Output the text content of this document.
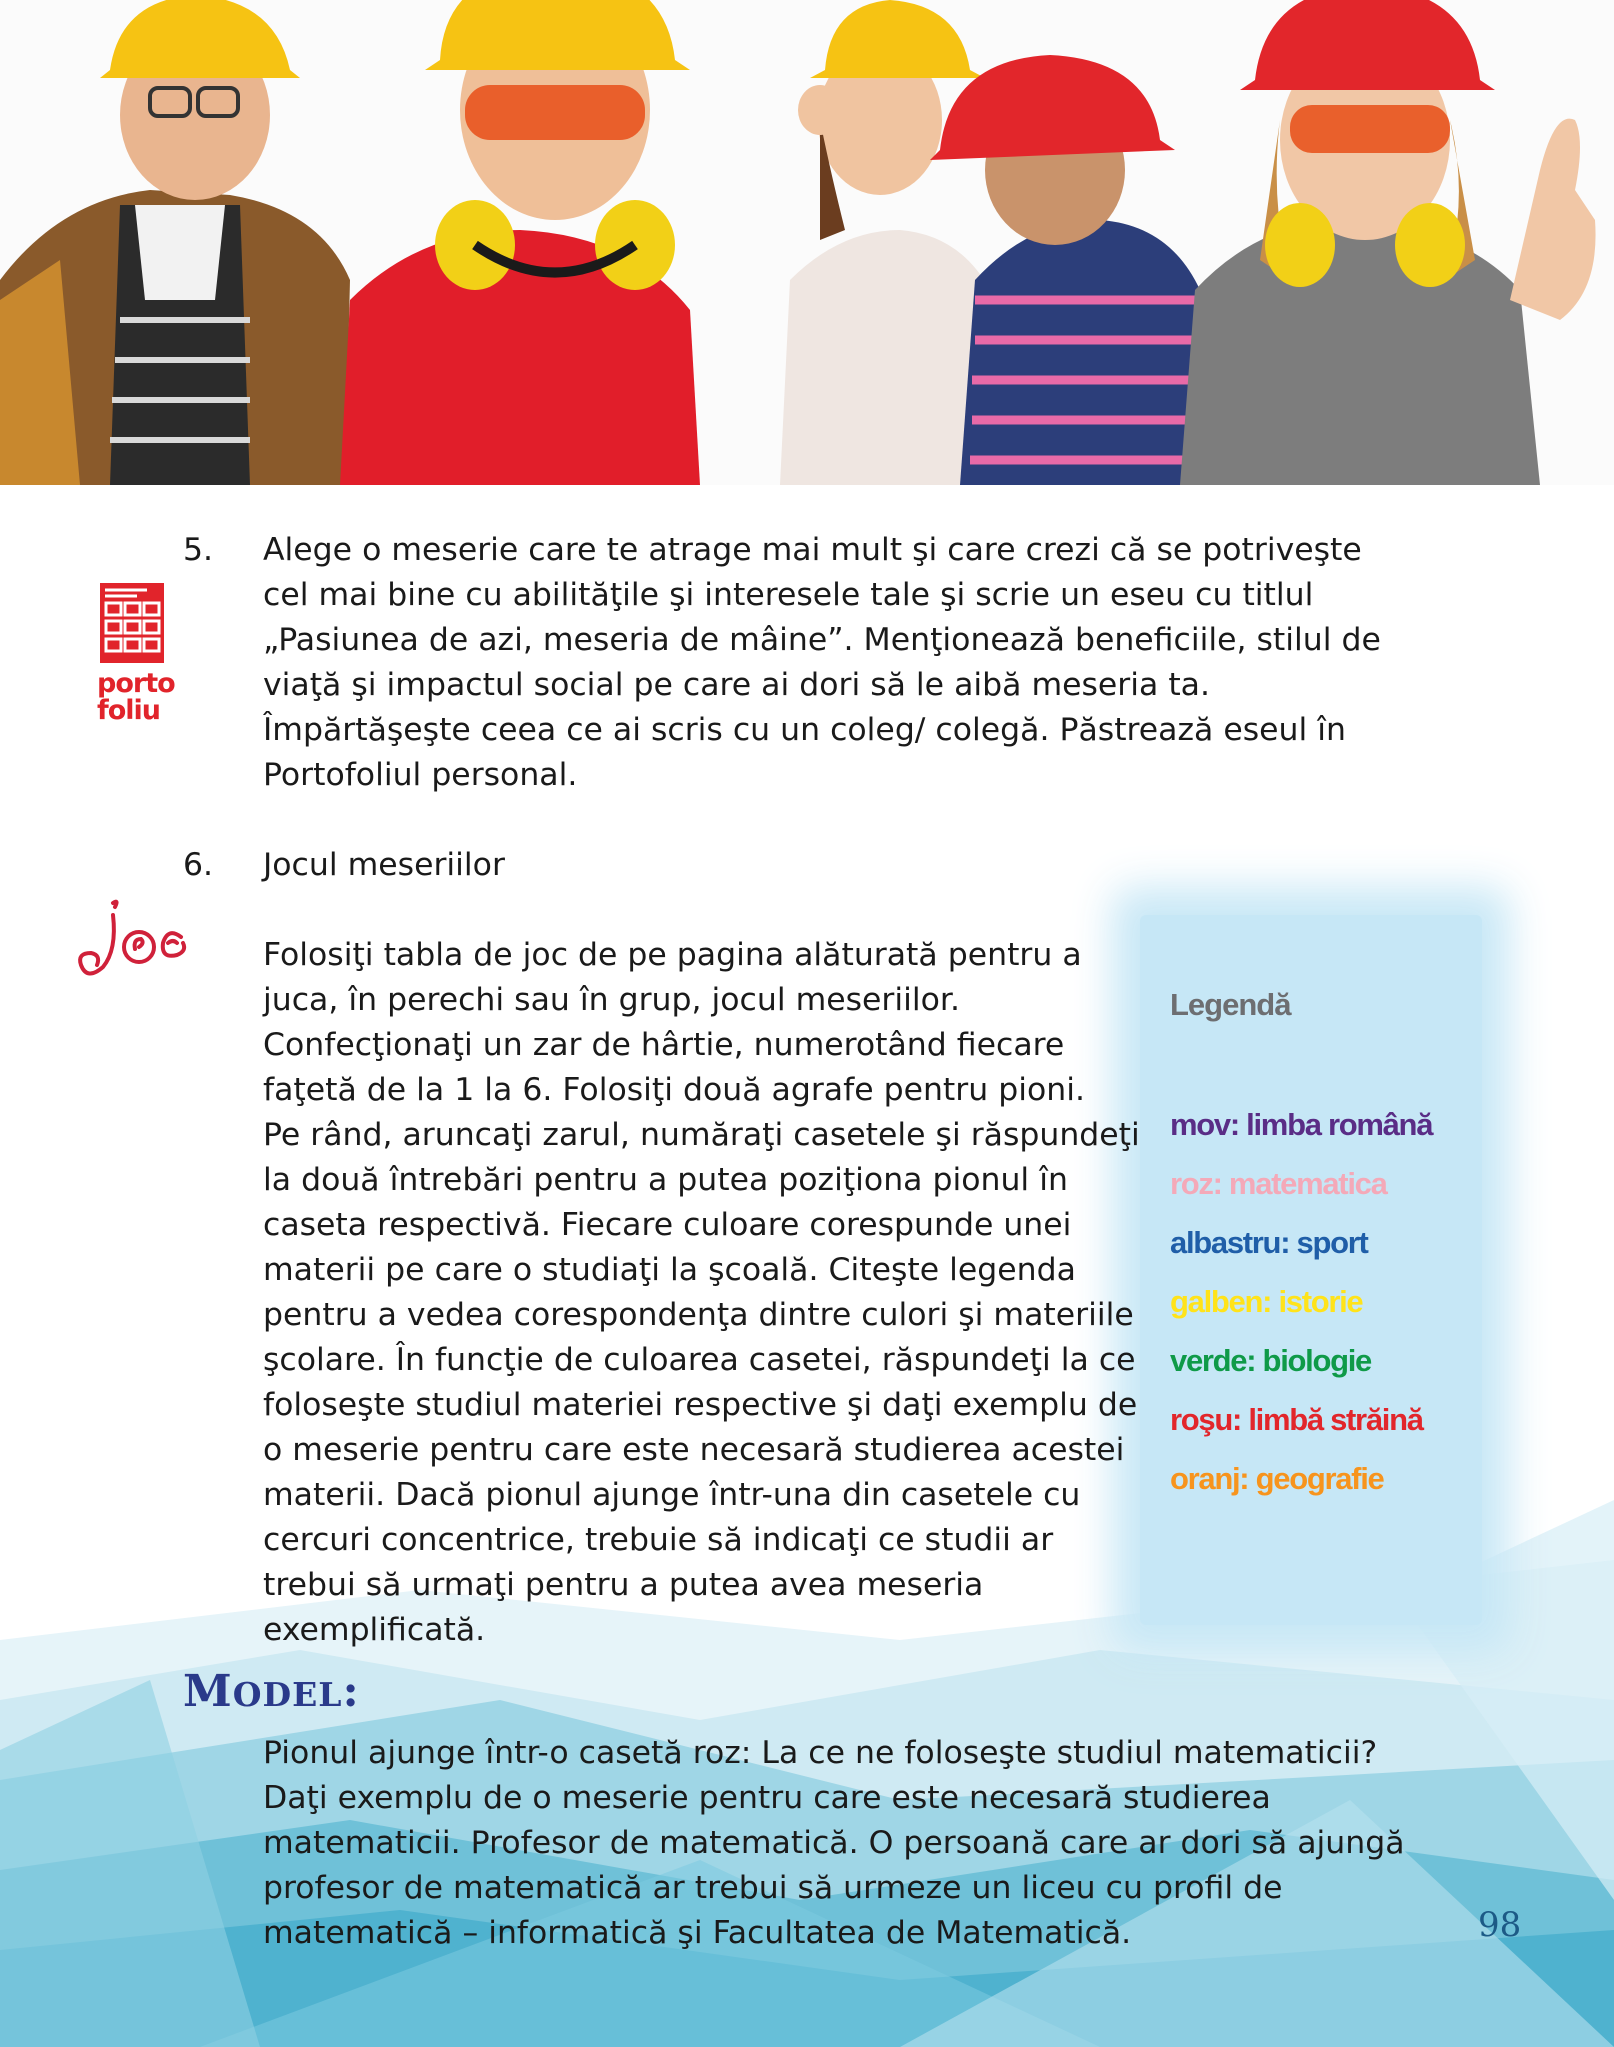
5. Alege o meserie care te atrage mai mult şi care crezi că se potriveşte
cel mai bine cu abilităţile şi interesele tale şi scrie un eseu cu titlul
„Pasiunea de azi, meseria de mâine”. Menţionează beneficiile, stilul de
viaţă şi impactul social pe care ai dori să le aibă meseria ta.
Împărtăşeşte ceea ce ai scris cu un coleg/ colegă. Păstrează eseul în
Portofoliul personal.
porto
foliu
6. Jocul meseriilor
Folosiţi tabla de joc de pe pagina alăturată pentru a
juca, în perechi sau în grup, jocul meseriilor.
Confecţionaţi un zar de hârtie, numerotând fiecare
faţetă de la 1 la 6. Folosiţi două agrafe pentru pioni.
Pe rând, aruncaţi zarul, număraţi casetele şi răspundeţi
la două întrebări pentru a putea poziţiona pionul în
caseta respectivă. Fiecare culoare corespunde unei
materii pe care o studiaţi la şcoală. Citeşte legenda
pentru a vedea corespondenţa dintre culori şi materiile
şcolare. În funcţie de culoarea casetei, răspundeţi la ce
foloseşte studiul materiei respective şi daţi exemplu de
o meserie pentru care este necesară studierea acestei
materii. Dacă pionul ajunge într-una din casetele cu
cercuri concentrice, trebuie să indicaţi ce studii ar
trebui să urmaţi pentru a putea avea meseria
exemplificată.
Legendă
mov: limba română
roz: matematica
albastru: sport
galben: istorie
verde: biologie
roşu: limbă străină
oranj: geografie
MODEL:
Pionul ajunge într-o casetă roz: La ce ne foloseşte studiul matematicii?
Daţi exemplu de o meserie pentru care este necesară studierea
matematicii. Profesor de matematică. O persoană care ar dori să ajungă
profesor de matematică ar trebui să urmeze un liceu cu profil de
matematică – informatică şi Facultatea de Matematică.	98
